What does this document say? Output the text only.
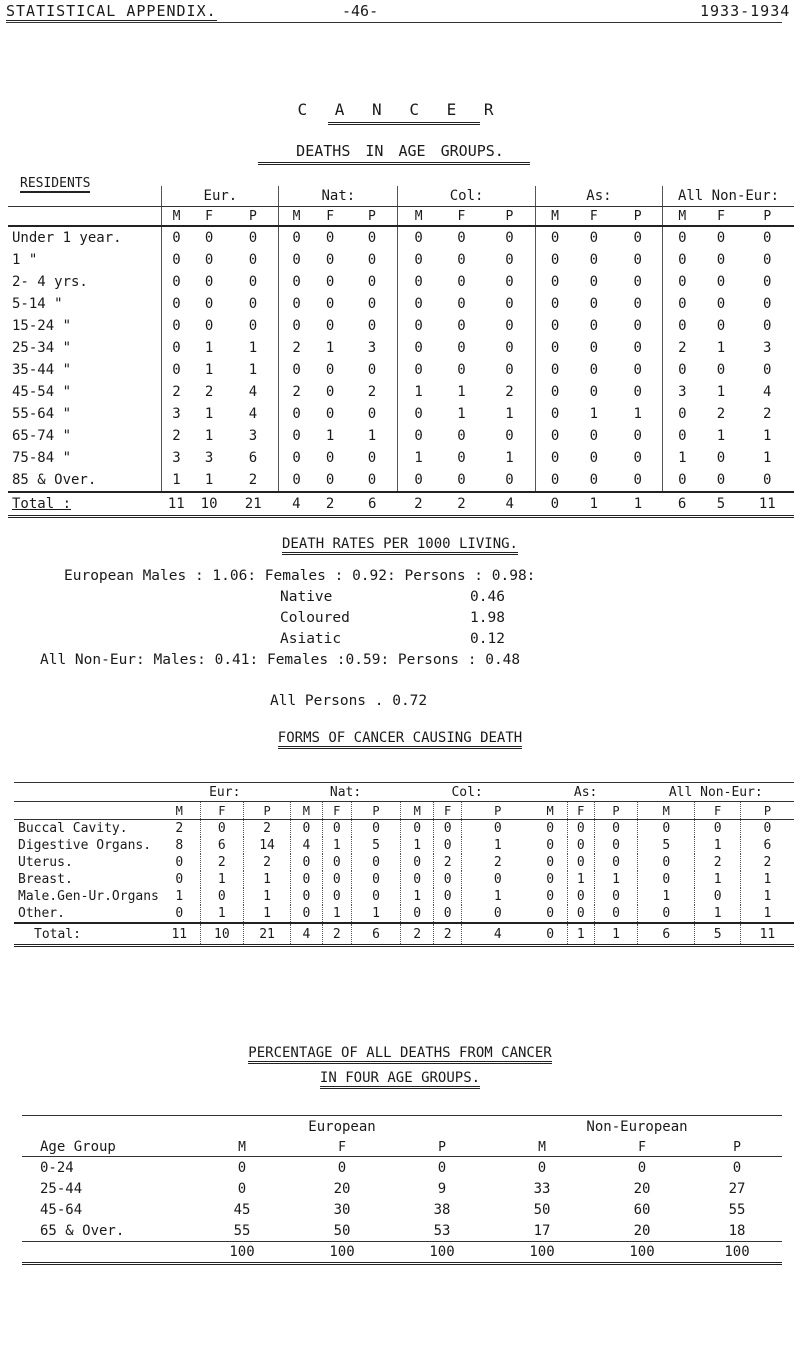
STATISTICAL APPENDIX.	-46-	1933-1934
C A N C E R
DEATHS IN AGE GROUPS.
RESIDENTS
	Eur.			Nat:			Col:			As:			All Non-Eur:		
	M	F	P	M	F	P	M	F	P	M	F	P	M	F	P
Under 1 year.	0	0	0	0	0	0	0	0	0	0	0	0	0	0	0
1 "	0	0	0	0	0	0	0	0	0	0	0	0	0	0	0
2- 4 yrs.	0	0	0	0	0	0	0	0	0	0	0	0	0	0	0
5-14 "	0	0	0	0	0	0	0	0	0	0	0	0	0	0	0
15-24 "	0	0	0	0	0	0	0	0	0	0	0	0	0	0	0
25-34 "	0	1	1	2	1	3	0	0	0	0	0	0	2	1	3
35-44 "	0	1	1	0	0	0	0	0	0	0	0	0	0	0	0
45-54 "	2	2	4	2	0	2	1	1	2	0	0	0	3	1	4
55-64 "	3	1	4	0	0	0	0	1	1	0	1	1	0	2	2
65-74 "	2	1	3	0	1	1	0	0	0	0	0	0	0	1	1
75-84 "	3	3	6	0	0	0	1	0	1	0	0	0	1	0	1
85 & Over.	1	1	2	0	0	0	0	0	0	0	0	0	0	0	0
Total :	11	10	21	4	2	6	2	2	4	0	1	1	6	5	11
DEATH RATES PER 1000 LIVING.
European Males : 1.06: Females : 0.92: Persons : 0.98:
Native	0.46
Coloured	1.98
Asiatic	0.12
All Non-Eur: Males: 0.41: Females :0.59: Persons : 0.48
All Persons . 0.72
FORMS OF CANCER CAUSING DEATH
	Eur:			Nat:			Col:			As:			All Non-Eur:		
	M	F	P	M	F	P	M	F	P	M	F	P	M	F	P
Buccal Cavity.	2	0	2	0	0	0	0	0	0	0	0	0	0	0	0
Digestive Organs.	8	6	14	4	1	5	1	0	1	0	0	0	5	1	6
Uterus.	0	2	2	0	0	0	0	2	2	0	0	0	0	2	2
Breast.	0	1	1	0	0	0	0	0	0	0	1	1	0	1	1
Male.Gen-Ur.Organs	1	0	1	0	0	0	1	0	1	0	0	0	1	0	1
Other.	0	1	1	0	1	1	0	0	0	0	0	0	0	1	1
Total:	11	10	21	4	2	6	2	2	4	0	1	1	6	5	11
PERCENTAGE OF ALL DEATHS FROM CANCER
IN FOUR AGE GROUPS.
	European			Non-European		
Age Group	M	F	P	M	F	P
0-24	0	0	0	0	0	0
25-44	0	20	9	33	20	27
45-64	45	30	38	50	60	55
65 & Over.	55	50	53	17	20	18
	100	100	100	100	100	100
